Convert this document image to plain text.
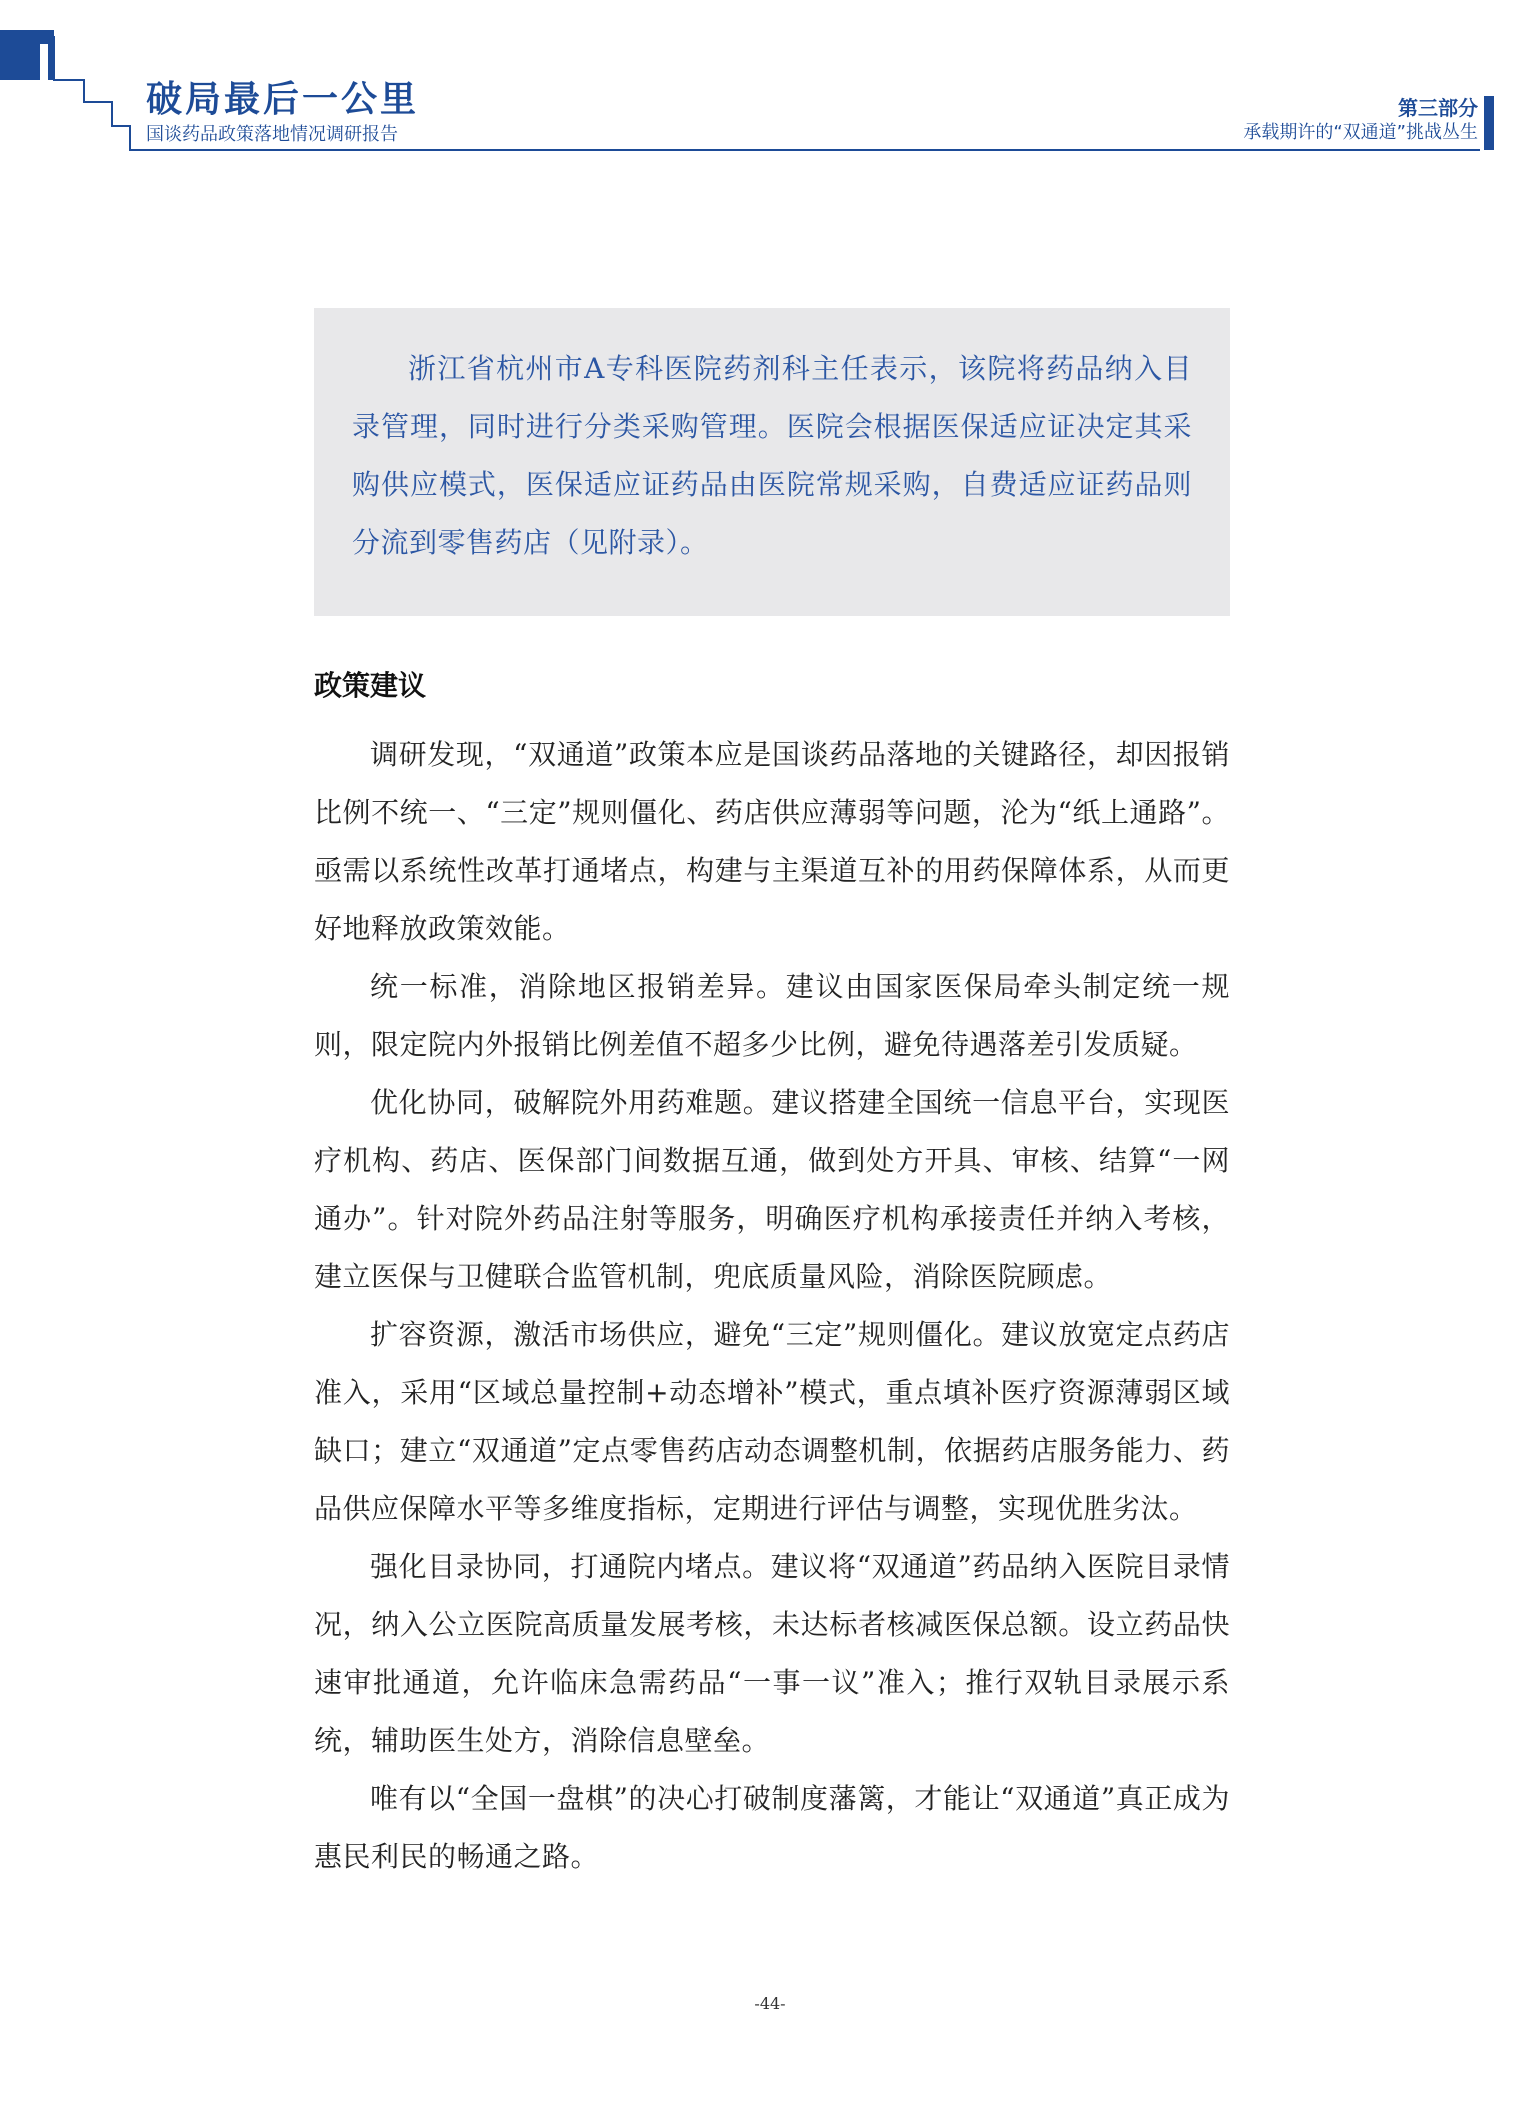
破局最后一公里
国谈药品政策落地情况调研报告
第三部分
承载期许的“双通道”挑战丛生

浙江省杭州市A专科医院药剂科主任表示，该院将药品纳入目录管理，同时进行分类采购管理。医院会根据医保适应证决定其采购供应模式，医保适应证药品由医院常规采购，自费适应证药品则分流到零售药店（见附录）。

政策建议

调研发现，“双通道”政策本应是国谈药品落地的关键路径，却因报销比例不统一、“三定”规则僵化、药店供应薄弱等问题，沦为“纸上通路”。亟需以系统性改革打通堵点，构建与主渠道互补的用药保障体系，从而更好地释放政策效能。

统一标准，消除地区报销差异。建议由国家医保局牵头制定统一规则，限定院内外报销比例差值不超多少比例，避免待遇落差引发质疑。

优化协同，破解院外用药难题。建议搭建全国统一信息平台，实现医疗机构、药店、医保部门间数据互通，做到处方开具、审核、结算“一网通办”。针对院外药品注射等服务，明确医疗机构承接责任并纳入考核，建立医保与卫健联合监管机制，兜底质量风险，消除医院顾虑。

扩容资源，激活市场供应，避免“三定”规则僵化。建议放宽定点药店准入，采用“区域总量控制+动态增补”模式，重点填补医疗资源薄弱区域缺口；建立“双通道”定点零售药店动态调整机制，依据药店服务能力、药品供应保障水平等多维度指标，定期进行评估与调整，实现优胜劣汰。

强化目录协同，打通院内堵点。建议将“双通道”药品纳入医院目录情况，纳入公立医院高质量发展考核，未达标者核减医保总额。设立药品快速审批通道，允许临床急需药品“一事一议”准入；推行双轨目录展示系统，辅助医生处方，消除信息壁垒。

唯有以“全国一盘棋”的决心打破制度藩篱，才能让“双通道”真正成为惠民利民的畅通之路。

-44-
